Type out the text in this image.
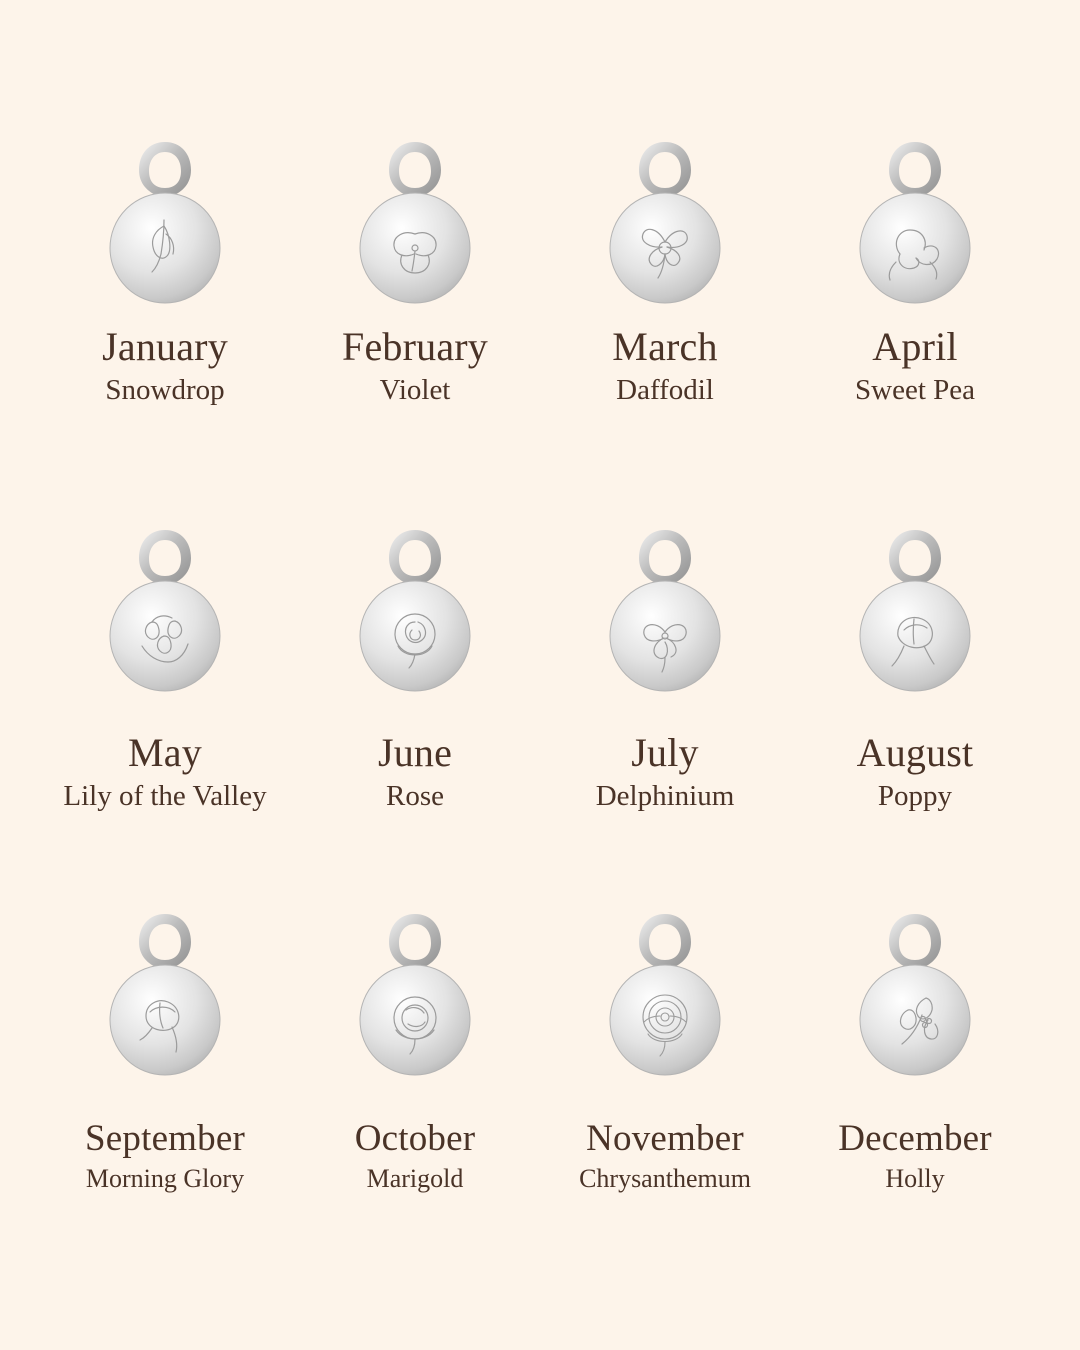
January
Snowdrop
February
Violet
March
Daffodil
April
Sweet Pea
May
Lily of the Valley
June
Rose
July
Delphinium
August
Poppy
September
Morning Glory
October
Marigold
November
Chrysanthemum
December
Holly
